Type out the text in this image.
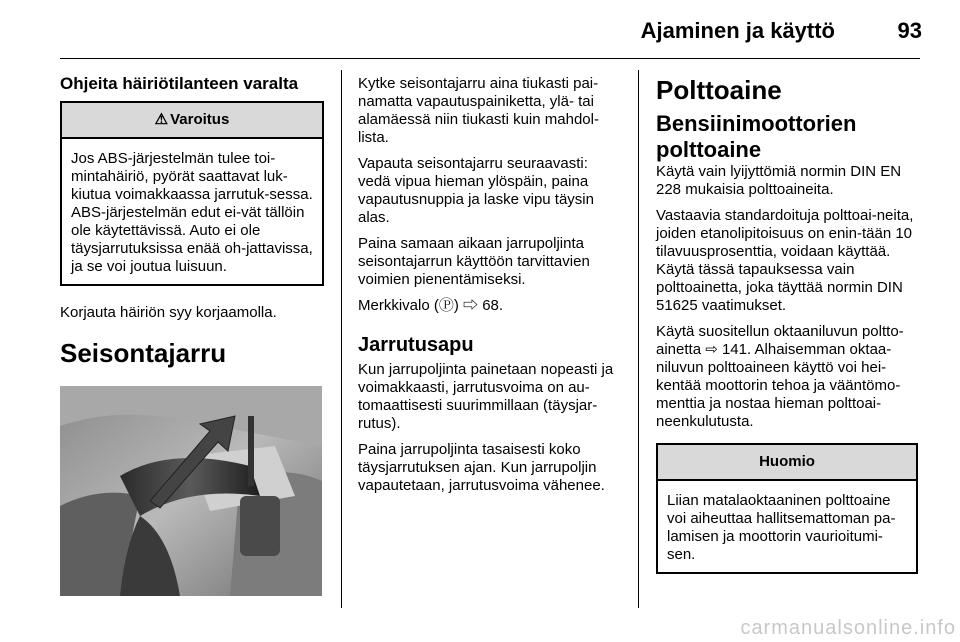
Ajaminen ja käyttö	93
Ohjeita häiriötilanteen varalta
⚠ Varoitus
Jos ABS-järjestelmän tulee toi-mintahäiriö, pyörät saattavat luk-kiutua voimakkaassa jarrutuk-sessa. ABS-järjestelmän edut ei-vät tällöin ole käytettävissä. Auto ei ole täysjarrutuksissa enää oh-jattavissa, ja se voi joutua luisuun.

Korjauta häiriön syy korjaamolla.

Seisontajarru

Kytke seisontajarru aina tiukasti pai-namatta vapautuspainiketta, ylä- tai alamäessä niin tiukasti kuin mahdol-lista.

Vapauta seisontajarru seuraavasti: vedä vipua hieman ylöspäin, paina vapautusnuppia ja laske vipu täysin alas.

Paina samaan aikaan jarrupoljinta seisontajarrun käyttöön tarvittavien voimien pienentämiseksi.

Merkkivalo (Ⓟ) ⇨ 68.

Jarrutusapu

Kun jarrupoljinta painetaan nopeasti ja voimakkaasti, jarrutusvoima on au-tomaattisesti suurimmillaan (täysjar-rutus).

Paina jarrupoljinta tasaisesti koko täysjarrutuksen ajan. Kun jarrupoljin vapautetaan, jarrutusvoima vähenee.

Polttoaine
Bensiinimoottorien polttoaine

Käytä vain lyijyttömiä normin DIN EN 228 mukaisia polttoaineita.

Vastaavia standardoituja polttoai-neita, joiden etanolipitoisuus on enin-tään 10 tilavuusprosenttia, voidaan käyttää. Käytä tässä tapauksessa vain polttoainetta, joka täyttää normin DIN 51625 vaatimukset.

Käytä suositellun oktaaniluvun poltto-ainetta ⇨ 141. Alhaisemman oktaa-niluvun polttoaineen käyttö voi hei-kentää moottorin tehoa ja vääntömo-menttia ja nostaa hieman polttoai-neenkulutusta.

Huomio
Liian matalaoktaaninen polttoaine voi aiheuttaa hallitsemattoman pa-lamisen ja moottorin vaurioitumi-sen.
carmanualsonline.info
